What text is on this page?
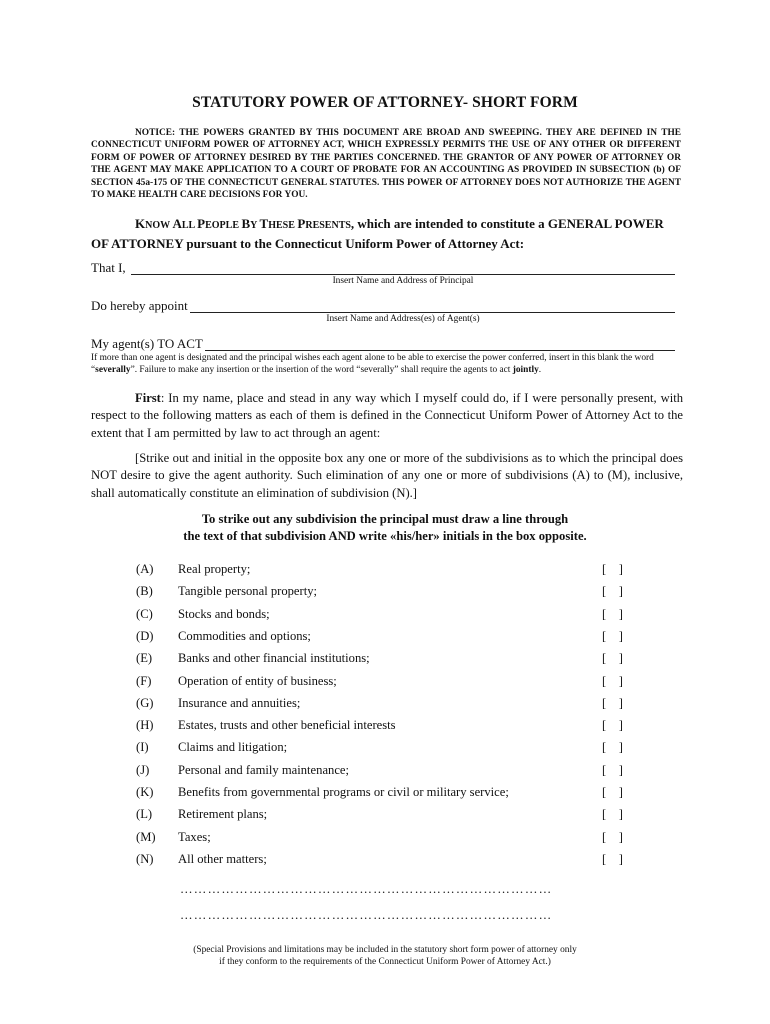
STATUTORY POWER OF ATTORNEY- SHORT FORM
NOTICE: THE POWERS GRANTED BY THIS DOCUMENT ARE BROAD AND SWEEPING. THEY ARE DEFINED IN THE CONNECTICUT UNIFORM POWER OF ATTORNEY ACT, WHICH EXPRESSLY PERMITS THE USE OF ANY OTHER OR DIFFERENT FORM OF POWER OF ATTORNEY DESIRED BY THE PARTIES CONCERNED. THE GRANTOR OF ANY POWER OF ATTORNEY OR THE AGENT MAY MAKE APPLICATION TO A COURT OF PROBATE FOR AN ACCOUNTING AS PROVIDED IN SUBSECTION (b) OF SECTION 45a-175 OF THE CONNECTICUT GENERAL STATUTES. THIS POWER OF ATTORNEY DOES NOT AUTHORIZE THE AGENT TO MAKE HEALTH CARE DECISIONS FOR YOU.
KNOW ALL PEOPLE BY THESE PRESENTS, which are intended to constitute a GENERAL POWER OF ATTORNEY pursuant to the Connecticut Uniform Power of Attorney Act:
That I,
Insert Name and Address of Principal
Do hereby appoint
Insert Name and Address(es) of Agent(s)
My agent(s) TO ACT
If more than one agent is designated and the principal wishes each agent alone to be able to exercise the power conferred, insert in this blank the word “severally”. Failure to make any insertion or the insertion of the word “severally” shall require the agents to act jointly.
First: In my name, place and stead in any way which I myself could do, if I were personally present, with respect to the following matters as each of them is defined in the Connecticut Uniform Power of Attorney Act to the extent that I am permitted by law to act through an agent:
[Strike out and initial in the opposite box any one or more of the subdivisions as to which the principal does NOT desire to give the agent authority. Such elimination of any one or more of subdivisions (A) to (M), inclusive, shall automatically constitute an elimination of subdivision (N).]
To strike out any subdivision the principal must draw a line through
the text of that subdivision AND write «his/her» initials in the box opposite.
(A) Real property;	[    ]
(B) Tangible personal property;	[    ]
(C) Stocks and bonds;	[    ]
(D) Commodities and options;	[    ]
(E) Banks and other financial institutions;	[    ]
(F) Operation of entity of business;	[    ]
(G) Insurance and annuities;	[    ]
(H) Estates, trusts and other beneficial interests	[    ]
(I) Claims and litigation;	[    ]
(J) Personal and family maintenance;	[    ]
(K) Benefits from governmental programs or civil or military service;	[    ]
(L) Retirement plans;	[    ]
(M) Taxes;	[    ]
(N) All other matters;	[    ]
………………………………………………………………………
………………………………………………………………………
(Special Provisions and limitations may be included in the statutory short form power of attorney only
if they conform to the requirements of the Connecticut Uniform Power of Attorney Act.)
